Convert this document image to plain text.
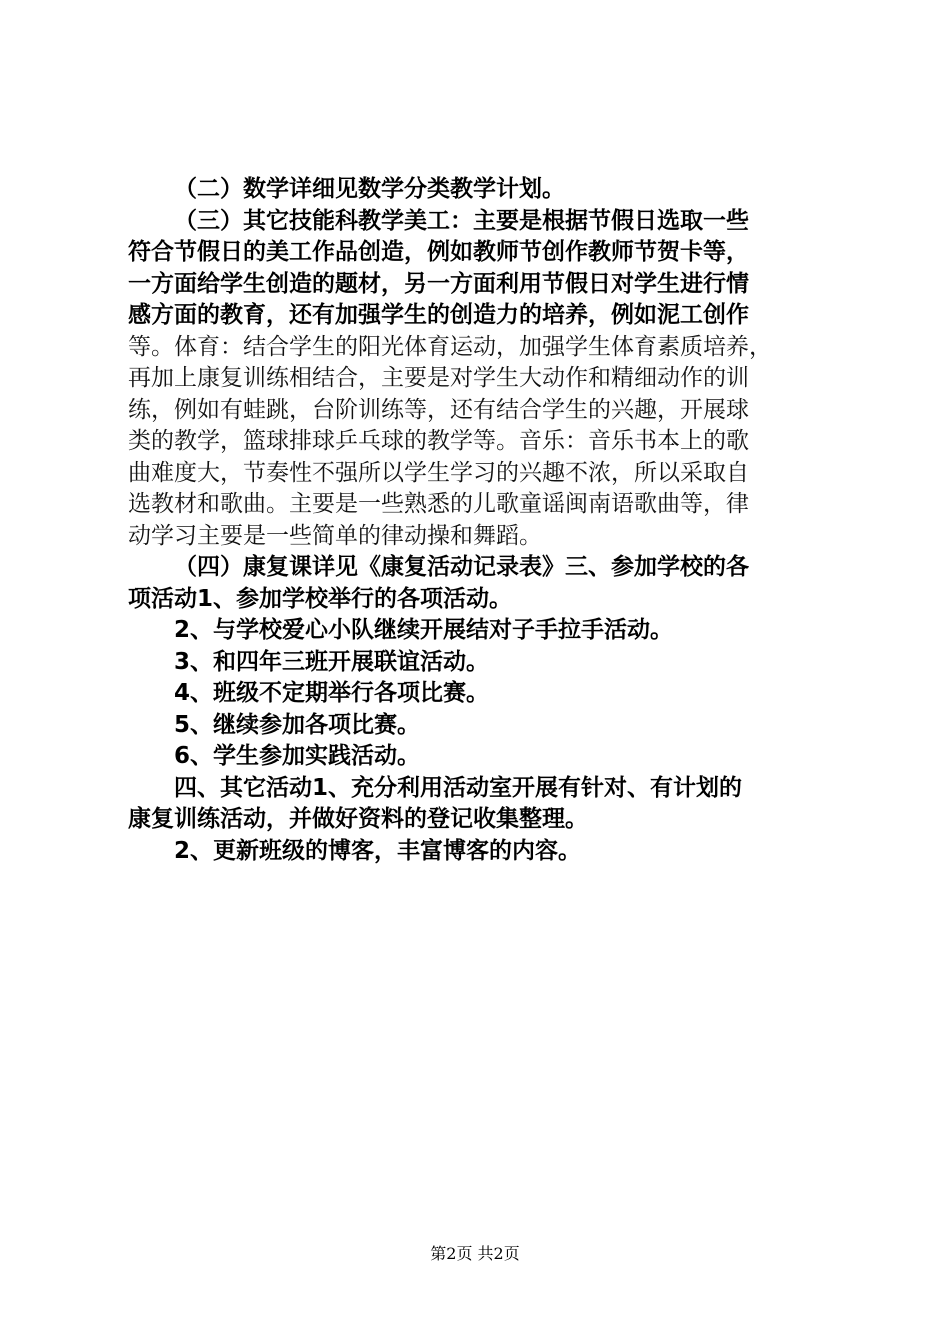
（二）数学详细见数学分类教学计划。
（三）其它技能科教学美工：主要是根据节假日选取一些
符合节假日的美工作品创造，例如教师节创作教师节贺卡等，
一方面给学生创造的题材，另一方面利用节假日对学生进行情
感方面的教育，还有加强学生的创造力的培养，例如泥工创作
等。体育：结合学生的阳光体育运动，加强学生体育素质培养，
再加上康复训练相结合，主要是对学生大动作和精细动作的训
练，例如有蛙跳，台阶训练等，还有结合学生的兴趣，开展球
类的教学，篮球排球乒乓球的教学等。音乐：音乐书本上的歌
曲难度大，节奏性不强所以学生学习的兴趣不浓，所以采取自
选教材和歌曲。主要是一些熟悉的儿歌童谣闽南语歌曲等，律
动学习主要是一些简单的律动操和舞蹈。
（四）康复课详见《康复活动记录表》三、参加学校的各
项活动1、参加学校举行的各项活动。
2、与学校爱心小队继续开展结对子手拉手活动。
3、和四年三班开展联谊活动。
4、班级不定期举行各项比赛。
5、继续参加各项比赛。
6、学生参加实践活动。
四、其它活动1、充分利用活动室开展有针对、有计划的
康复训练活动，并做好资料的登记收集整理。
2、更新班级的博客，丰富博客的内容。
第2页 共2页
